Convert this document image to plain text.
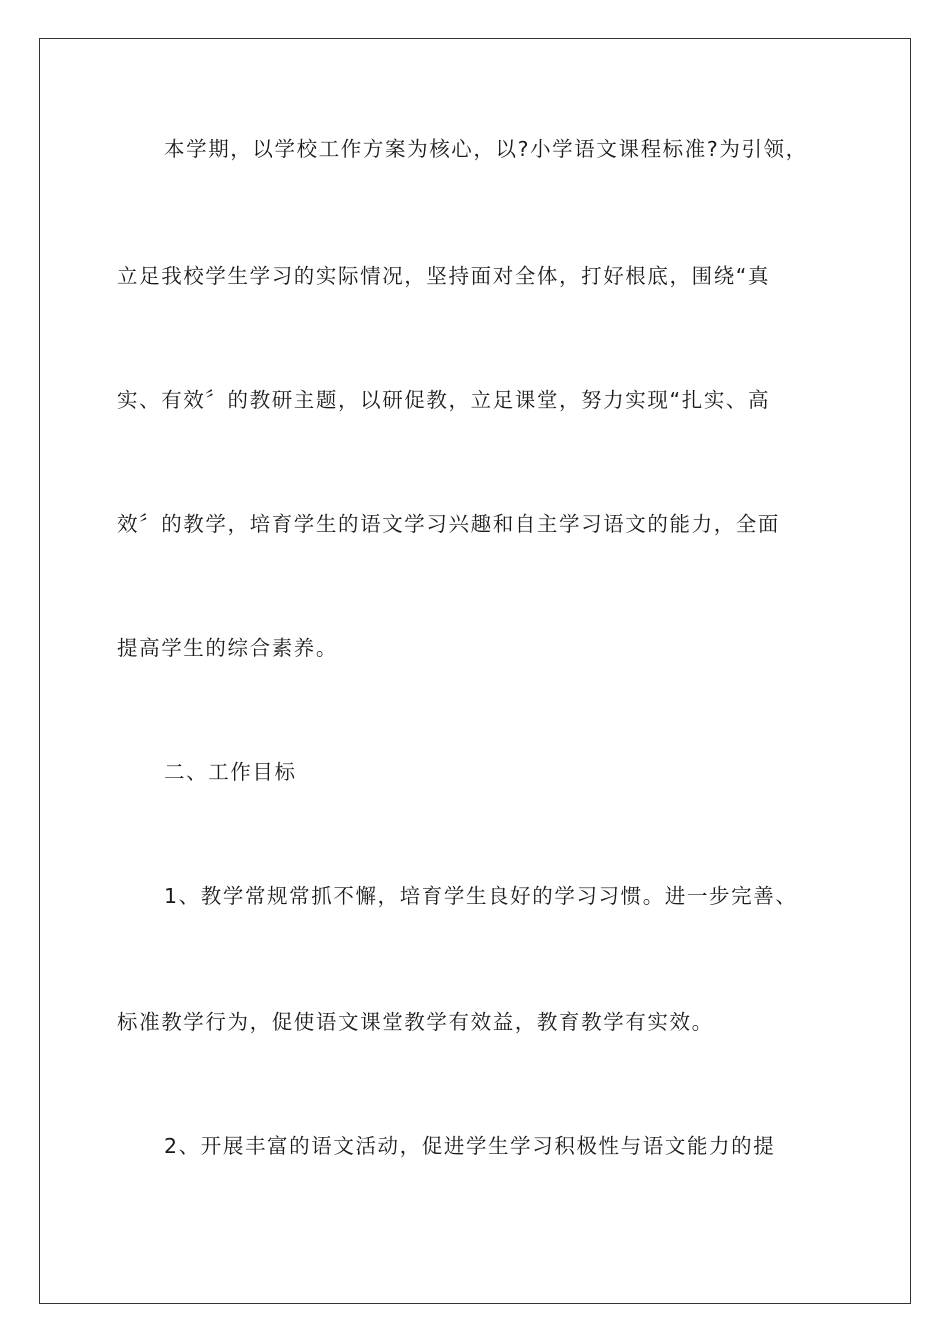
本学期，以学校工作方案为核心，以?小学语文课程标准?为引领，
立足我校学生学习的实际情况，坚持面对全体，打好根底，围绕“真
实、有效〞的教研主题，以研促教，立足课堂，努力实现“扎实、高
效〞的教学，培育学生的语文学习兴趣和自主学习语文的能力，全面
提高学生的综合素养。
二、工作目标
1、教学常规常抓不懈，培育学生良好的学习习惯。进一步完善、
标准教学行为，促使语文课堂教学有效益，教育教学有实效。
2、开展丰富的语文活动，促进学生学习积极性与语文能力的提
